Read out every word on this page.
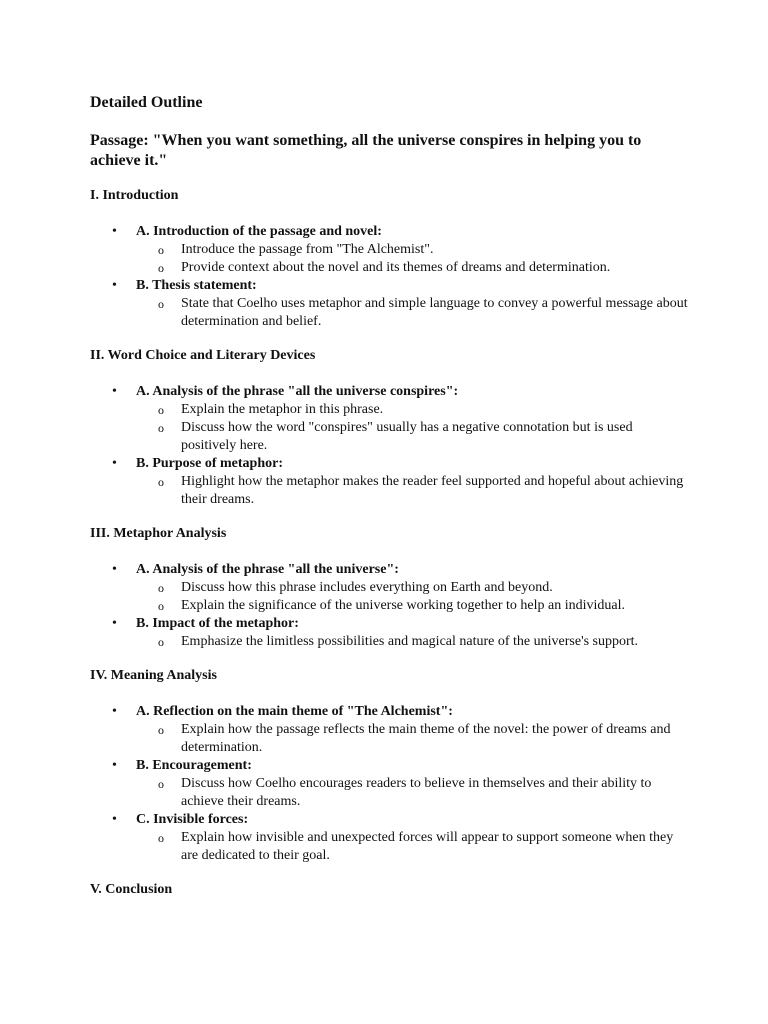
Detailed Outline
Passage: "When you want something, all the universe conspires in helping you to achieve it."
I. Introduction
• A. Introduction of the passage and novel:
o Introduce the passage from "The Alchemist".
o Provide context about the novel and its themes of dreams and determination.
• B. Thesis statement:
o State that Coelho uses metaphor and simple language to convey a powerful message about determination and belief.
II. Word Choice and Literary Devices
• A. Analysis of the phrase "all the universe conspires":
o Explain the metaphor in this phrase.
o Discuss how the word "conspires" usually has a negative connotation but is used positively here.
• B. Purpose of metaphor:
o Highlight how the metaphor makes the reader feel supported and hopeful about achieving their dreams.
III. Metaphor Analysis
• A. Analysis of the phrase "all the universe":
o Discuss how this phrase includes everything on Earth and beyond.
o Explain the significance of the universe working together to help an individual.
• B. Impact of the metaphor:
o Emphasize the limitless possibilities and magical nature of the universe's support.
IV. Meaning Analysis
• A. Reflection on the main theme of "The Alchemist":
o Explain how the passage reflects the main theme of the novel: the power of dreams and determination.
• B. Encouragement:
o Discuss how Coelho encourages readers to believe in themselves and their ability to achieve their dreams.
• C. Invisible forces:
o Explain how invisible and unexpected forces will appear to support someone when they are dedicated to their goal.
V. Conclusion
